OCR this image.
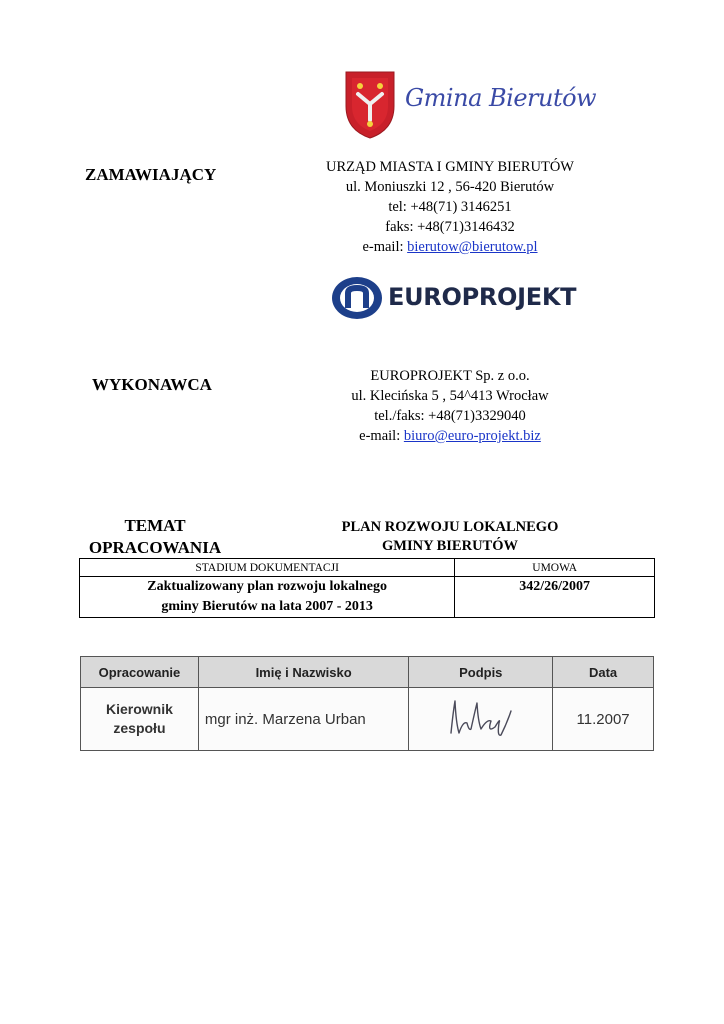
Gmina Bierutów
ZAMAWIAJĄCY	URZĄD MIASTA I GMINY BIERUTÓW
ul. Moniuszki 12 , 56-420 Bierutów
tel: +48(71) 3146251
faks: +48(71)3146432
e-mail: bierutow@bierutow.pl
EUROPROJEKT
WYKONAWCA	EUROPROJEKT Sp. z o.o.
ul. Klecińska 5 , 54^413 Wrocław
tel./faks: +48(71)3329040
e-mail: biuro@euro-projekt.biz
TEMAT
OPRACOWANIA
PLAN ROZWOJU LOKALNEGO
GMINY BIERUTÓW
STADIUM DOKUMENTACJI	UMOWA

Zaktualizowany plan rozwoju lokalnego
gminy Bierutów na lata 2007 - 2013	342/26/2007
Opracowanie	Imię i Nazwisko	Podpis	Data

Kierownik
zespołu	mgr inż. Marzena Urban		11.2007
